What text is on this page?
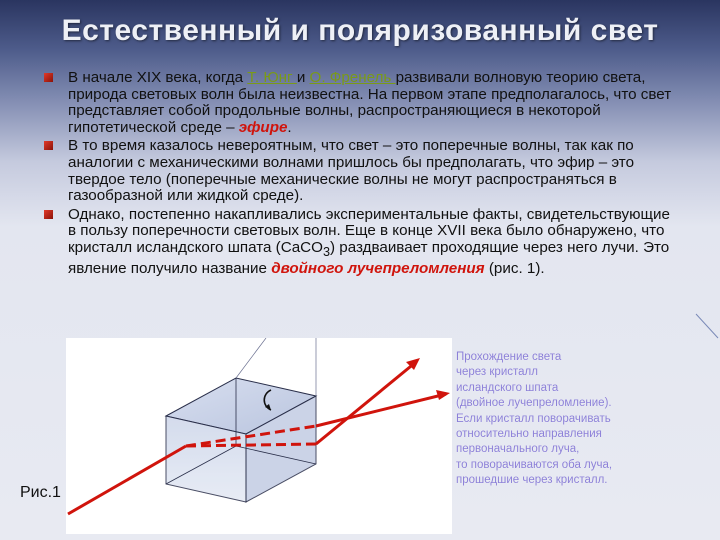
Естественный и поляризованный свет
В начале XIX века, когда Т. Юнг и О. Френель развивали волновую теорию света, природа световых волн была неизвестна. На первом этапе предполагалось, что свет представляет собой продольные волны, распространяющиеся в некоторой гипотетической среде – эфире.
В то время казалось невероятным, что свет – это поперечные волны, так как по аналогии с механическими волнами пришлось бы предполагать, что эфир – это твердое тело (поперечные механические волны не могут распространяться в газообразной или жидкой среде).
Однако, постепенно накапливались экспериментальные факты, свидетельствующие в пользу поперечности световых волн. Еще в конце XVII века было обнаружено, что кристалл исландского шпата (CaCO$_3$) раздваивает проходящие через него лучи. Это явление получило название двойного лучепреломления (рис. 1).
Рис.1
Прохождение света
через кристалл
исландского шпата
(двойное лучепреломление).
Если кристалл поворачивать
относительно направления
первоначального луча,
то поворачиваются оба луча,
прошедшие через кристалл.
